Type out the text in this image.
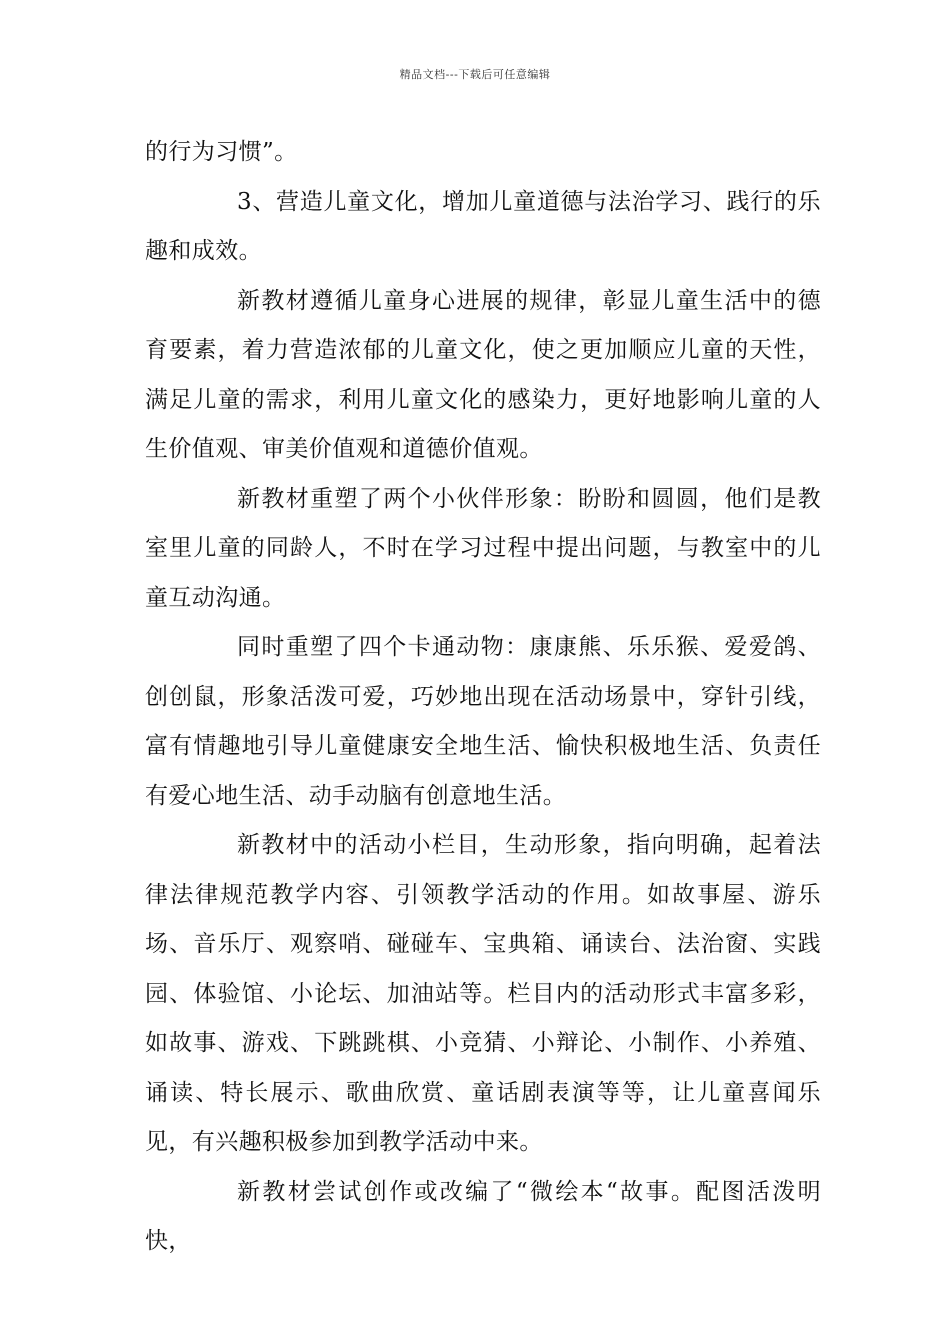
精品文档---下载后可任意编辑

的行为习惯”。

3、营造儿童文化，增加儿童道德与法治学习、践行的乐趣和成效。

新教材遵循儿童身心进展的规律，彰显儿童生活中的德育要素，着力营造浓郁的儿童文化，使之更加顺应儿童的天性，满足儿童的需求，利用儿童文化的感染力，更好地影响儿童的人生价值观、审美价值观和道德价值观。

新教材重塑了两个小伙伴形象：盼盼和圆圆，他们是教室里儿童的同龄人，不时在学习过程中提出问题，与教室中的儿童互动沟通。

同时重塑了四个卡通动物：康康熊、乐乐猴、爱爱鸽、创创鼠，形象活泼可爱，巧妙地出现在活动场景中，穿针引线，富有情趣地引导儿童健康安全地生活、愉快积极地生活、负责任有爱心地生活、动手动脑有创意地生活。

新教材中的活动小栏目，生动形象，指向明确，起着法律法律规范教学内容、引领教学活动的作用。如故事屋、游乐场、音乐厅、观察哨、碰碰车、宝典箱、诵读台、法治窗、实践园、体验馆、小论坛、加油站等。栏目内的活动形式丰富多彩，如故事、游戏、下跳跳棋、小竞猜、小辩论、小制作、小养殖、诵读、特长展示、歌曲欣赏、童话剧表演等等，让儿童喜闻乐见，有兴趣积极参加到教学活动中来。

新教材尝试创作或改编了“微绘本“故事。配图活泼明快，
